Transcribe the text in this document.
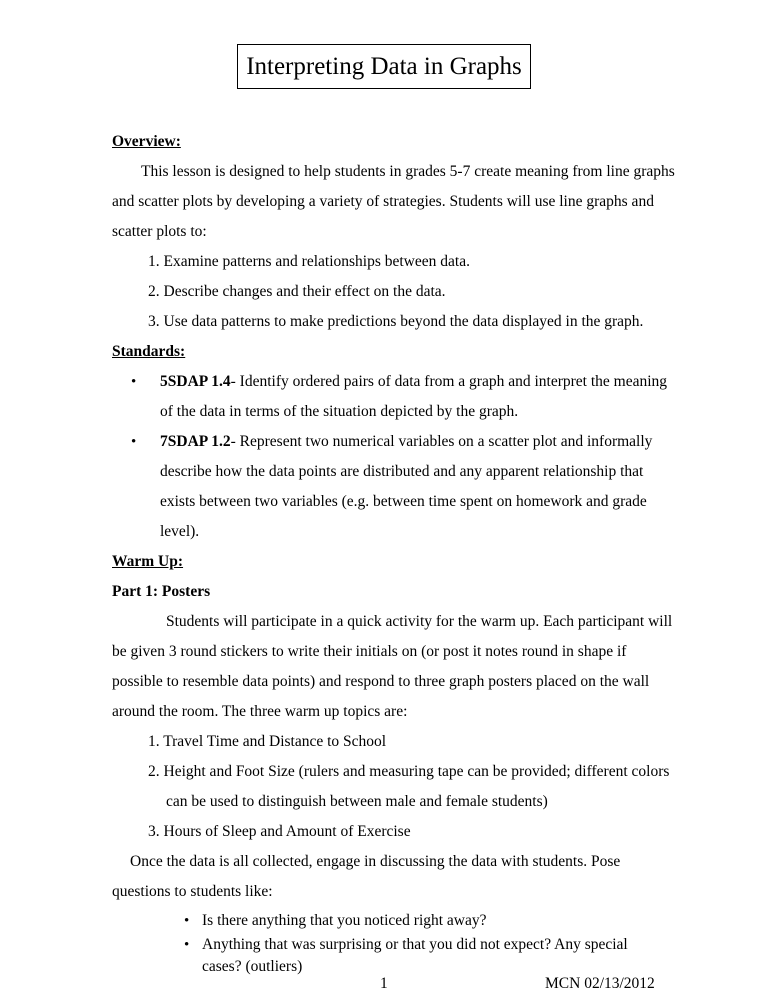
Interpreting Data in Graphs
Overview:
This lesson is designed to help students in grades 5-7 create meaning from line graphs
and scatter plots by developing a variety of strategies. Students will use line graphs and
scatter plots to:
1. Examine patterns and relationships between data.
2. Describe changes and their effect on the data.
3. Use data patterns to make predictions beyond the data displayed in the graph.
Standards:
• 5SDAP 1.4- Identify ordered pairs of data from a graph and interpret the meaning
of the data in terms of the situation depicted by the graph.
• 7SDAP 1.2- Represent two numerical variables on a scatter plot and informally
describe how the data points are distributed and any apparent relationship that
exists between two variables (e.g. between time spent on homework and grade
level).
Warm Up:
Part 1: Posters
Students will participate in a quick activity for the warm up. Each participant will
be given 3 round stickers to write their initials on (or post it notes round in shape if
possible to resemble data points) and respond to three graph posters placed on the wall
around the room. The three warm up topics are:
1. Travel Time and Distance to School
2. Height and Foot Size (rulers and measuring tape can be provided; different colors
can be used to distinguish between male and female students)
3. Hours of Sleep and Amount of Exercise
Once the data is all collected, engage in discussing the data with students. Pose
questions to students like:
• Is there anything that you noticed right away?
• Anything that was surprising or that you did not expect? Any special
cases? (outliers)
1	MCN 02/13/2012
